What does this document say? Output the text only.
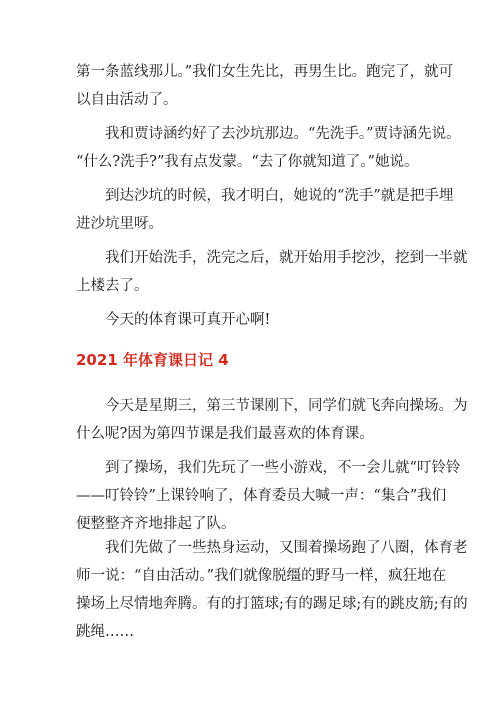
第一条蓝线那儿。”我们女生先比，再男生比。跑完了，就可
以自由活动了。

　　我和贾诗涵约好了去沙坑那边。“先洗手。”贾诗涵先说。
“什么?洗手?”我有点发蒙。“去了你就知道了。”她说。

　　到达沙坑的时候，我才明白，她说的“洗手”就是把手埋
进沙坑里呀。

　　我们开始洗手，洗完之后，就开始用手挖沙，挖到一半就
上楼去了。

　　今天的体育课可真开心啊!

2021 年体育课日记 4

　　今天是星期三，第三节课刚下，同学们就飞奔向操场。为
什么呢?因为第四节课是我们最喜欢的体育课。

　　到了操场，我们先玩了一些小游戏，不一会儿就“叮铃铃
——叮铃铃”上课铃响了，体育委员大喊一声：“集合”我们
便整整齐齐地排起了队。

　　我们先做了一些热身运动，又围着操场跑了八圈，体育老
师一说：“自由活动。”我们就像脱缰的野马一样，疯狂地在
操场上尽情地奔腾。有的打篮球;有的踢足球;有的跳皮筋;有的
跳绳……
